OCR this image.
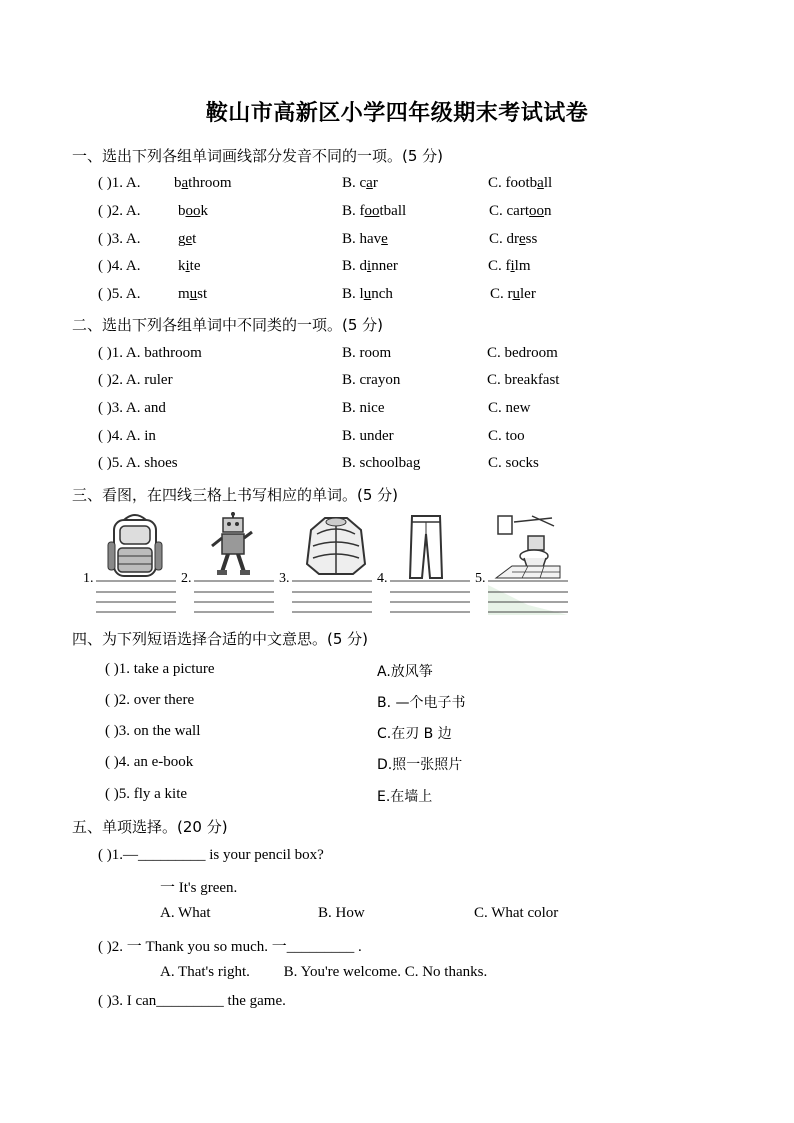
鞍山市高新区小学四年级期末考试试卷
一、选出下列各组单词画线部分发音不同的一项。(5 分)
( )1. A. bathroom	B. car	C. football
( )2. A.	book	B. football	C. cartoon
( )3. A.	get	B. have	C. dress
( )4. A.	kite	B. dinner	C. film
( )5. A.	must	B. lunch	C. ruler
二、选出下列各组单词中不同类的一项。(5 分)
( )1. A. bathroom	B. room	C. bedroom
( )2. A. ruler	B. crayon	C. breakfast
( )3. A. and	B. nice	C. new
( )4. A. in	B. under	C. too
( )5. A. shoes	B. schoolbag	C. socks
三、看图，在四线三格上书写相应的单词。(5 分)
1.	2.	3.	4.	5.
四、为下列短语选择合适的中文意思。(5 分)
( )1. take a picture	A.放风筝
( )2. over there	B. —个电子书
( )3. on the wall	C.在刃 B 边
( )4. an e-book	D.照一张照片
( )5. fly a kite	E.在墙上
五、单项选择。(20 分)
( )1.—_________ is your pencil box?
一 It's green.
A. What	B. How	C. What color
( )2. 一 Thank you so much. 一_________ .
A. That's right.         B. You're welcome. C. No thanks.
( )3. I can_________ the game.
